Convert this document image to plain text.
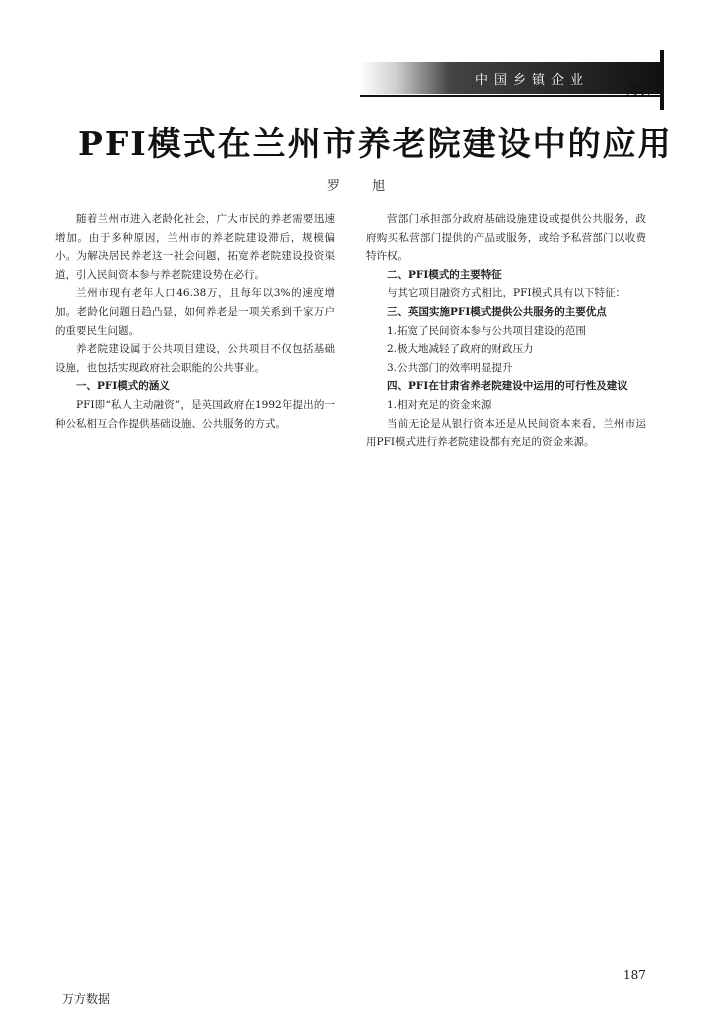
中国乡镇企业
会计
PFI模式在兰州市养老院建设中的应用
罗 旭

随着兰州市进入老龄化社会，广大市民的养老需要迅速增加。由于多种原因，兰州市的养老院建设滞后，规模偏小。为解决居民养老这一社会问题，拓宽养老院建设投资渠道，引入民间资本参与养老院建设势在必行。

兰州市现有老年人口46.38万，且每年以3%的速度增加。老龄化问题日趋凸显，如何养老是一项关系到千家万户的重要民生问题。

养老院建设属于公共项目建设，公共项目不仅包括基础设施，也包括实现政府社会职能的公共事业。

一、PFI模式的涵义

PFI即“私人主动融资”，是英国政府在1992年提出的一种公私相互合作提供基础设施、公共服务的方式。

营部门承担部分政府基础设施建设或提供公共服务，政府购买私营部门提供的产品或服务，或给予私营部门以收费特许权。

二、PFI模式的主要特征

与其它项目融资方式相比，PFI模式具有以下特征：

三、英国实施PFI模式提供公共服务的主要优点
1.拓宽了民间资本参与公共项目建设的范围
2.极大地减轻了政府的财政压力
3.公共部门的效率明显提升
四、PFI在甘肃省养老院建设中运用的可行性及建议
1.相对充足的资金来源

当前无论是从银行资本还是从民间资本来看，兰州市运用PFI模式进行养老院建设都有充足的资金来源。

187
万方数据
